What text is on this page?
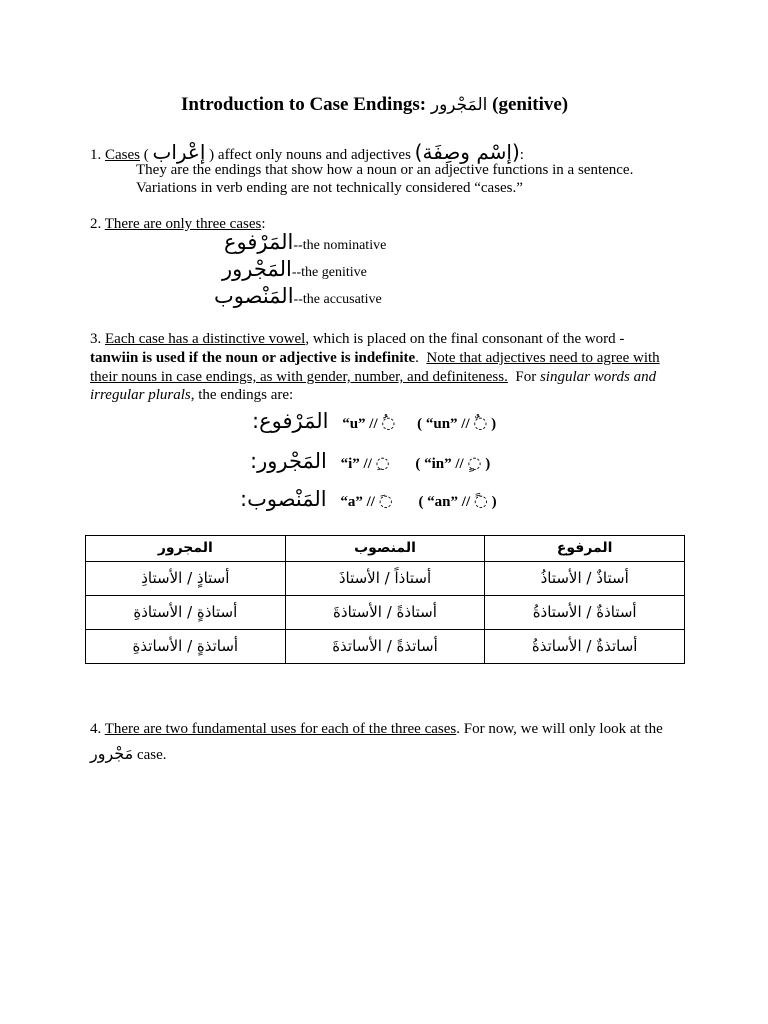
Introduction to Case Endings: المَجْرور (genitive)
1. Cases ( إعْراب ) affect only nouns and adjectives (إسْم وصِفَة):
They are the endings that show how a noun or an adjective functions in a sentence.
Variations in verb ending are not technically considered “cases.”
2. There are only three cases:
المَرْفوع--the nominative
المَجْرور--the genitive
المَنْصوب--the accusative
3. Each case has a distinctive vowel, which is placed on the final consonant of the word -
tanwiin is used if the noun or adjective is indefinite.  Note that adjectives need to agree with
their nouns in case endings, as with gender, number, and definiteness.  For singular words and
irregular plurals, the endings are:
المَرْفوع: “u” // ◌ ( “un” // ◌ )
المَجْرور: “i” // ◌ ( “in” // ◌ )
المَنْصوب: “a” // ◌ ( “an” // ◌ )
المجرور	المنصوب	المرفوع
أستاذٍ / الأستاذِ	أستاذاً / الأستاذَ	أستاذٌ / الأستاذُ
أستاذةٍ / الأستاذةِ	أستاذةً / الأستاذةَ	أستاذةٌ / الأستاذةُ
أساتذةٍ / الأساتذةِ	أساتذةً / الأساتذةَ	أساتذةٌ / الأساتذةُ
4. There are two fundamental uses for each of the three cases. For now, we will only look at the
مَجْرور case.
